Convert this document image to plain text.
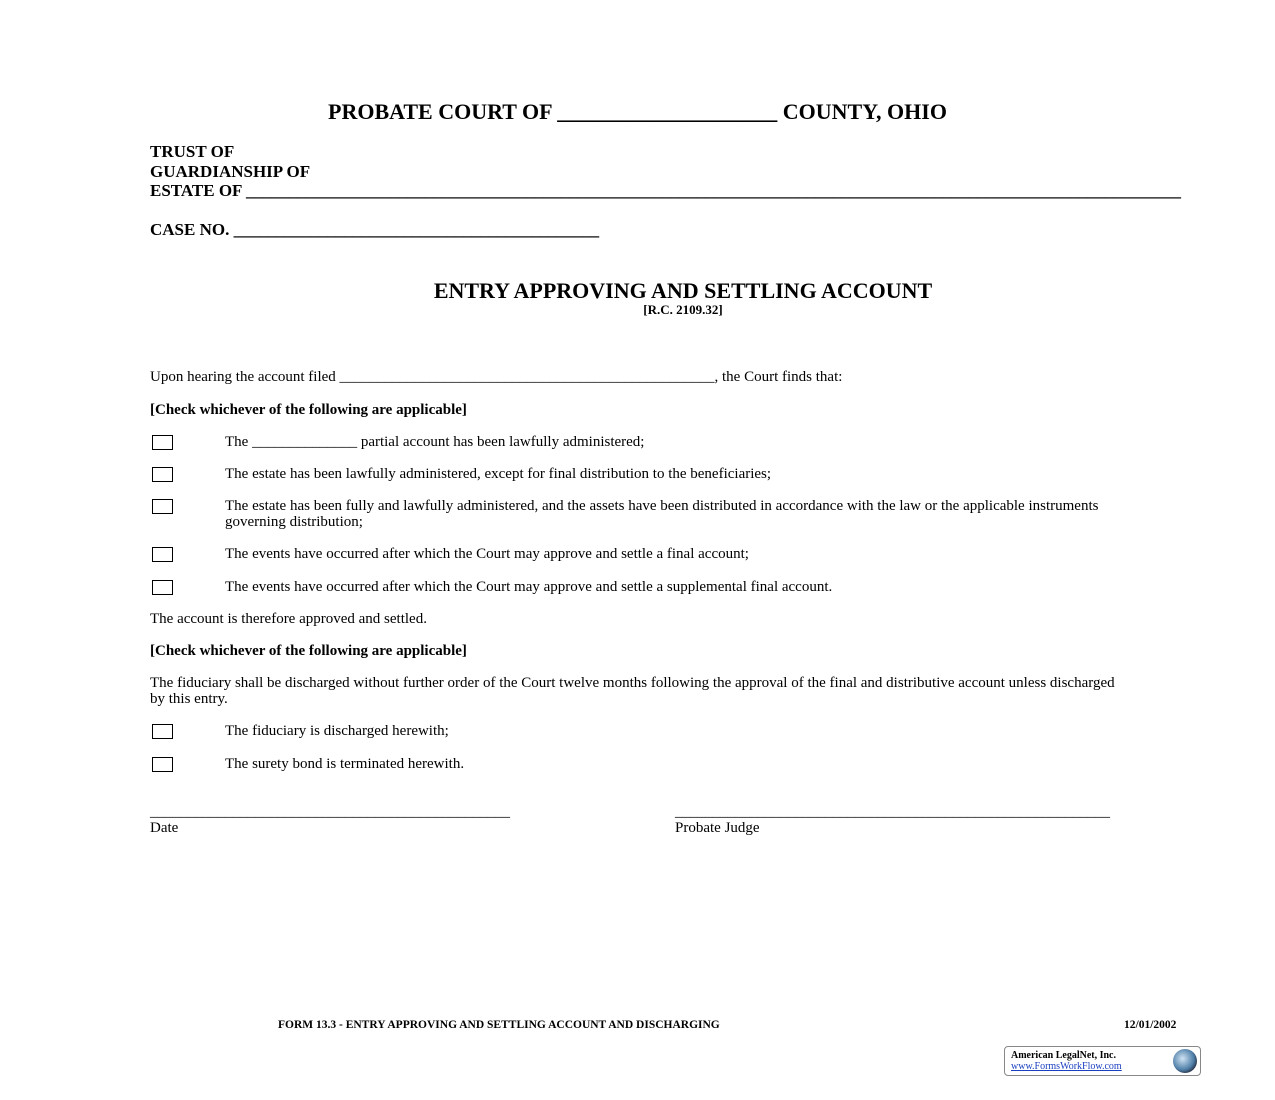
PROBATE COURT OF ____________________ COUNTY, OHIO
TRUST OF
GUARDIANSHIP OF
ESTATE OF ______________________________________________________________________________________________________________
CASE NO. ___________________________________________
ENTRY APPROVING AND SETTLING ACCOUNT
[R.C. 2109.32]
Upon hearing the account filed __________________________________________________, the Court finds that:
[Check whichever of the following are applicable]
The ______________ partial account has been lawfully administered;
The estate has been lawfully administered, except for final distribution to the beneficiaries;
The estate has been fully and lawfully administered, and the assets have been distributed in accordance with the law or the applicable instruments governing distribution;
The events have occurred after which the Court may approve and settle a final account;
The events have occurred after which the Court may approve and settle a supplemental final account.
The account is therefore approved and settled.
[Check whichever of the following are applicable]
The fiduciary shall be discharged without further order of the Court twelve months following the approval of the final and distributive account unless discharged by this entry.
The fiduciary is discharged herewith;
The surety bond is terminated herewith.
________________________________________________
Date
__________________________________________________________
Probate Judge
FORM 13.3 - ENTRY APPROVING AND SETTLING ACCOUNT AND DISCHARGING	12/01/2002
American LegalNet, Inc.
www.FormsWorkFlow.com
